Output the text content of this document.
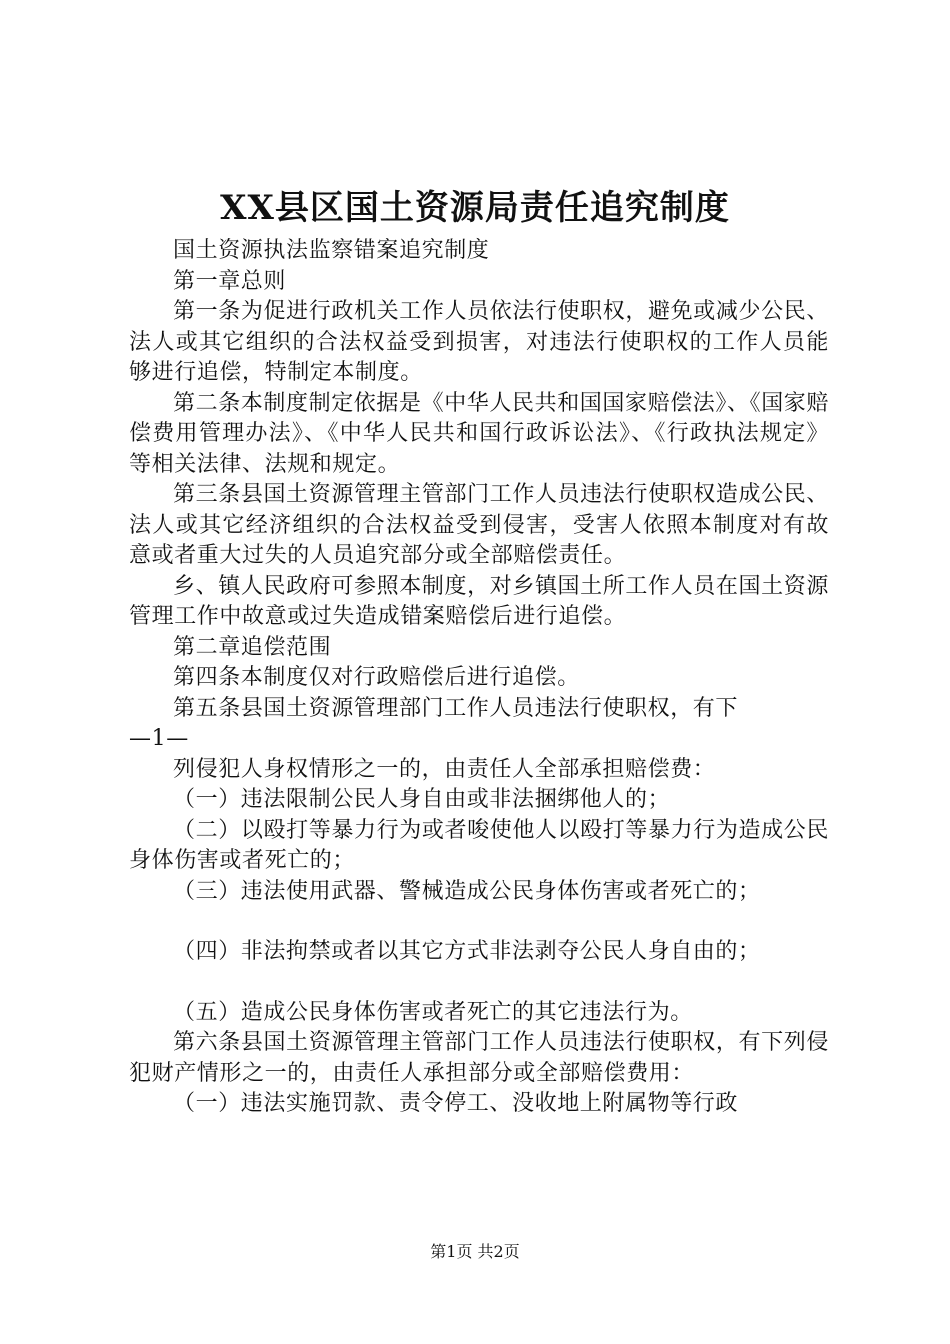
XX县区国土资源局责任追究制度

国土资源执法监察错案追究制度

第一章总则

第一条为促进行政机关工作人员依法行使职权，避免或减少公民、法人或其它组织的合法权益受到损害，对违法行使职权的工作人员能够进行追偿，特制定本制度。

第二条本制度制定依据是《中华人民共和国国家赔偿法》、《国家赔偿费用管理办法》、《中华人民共和国行政诉讼法》、《行政执法规定》等相关法律、法规和规定。

第三条县国土资源管理主管部门工作人员违法行使职权造成公民、法人或其它经济组织的合法权益受到侵害，受害人依照本制度对有故意或者重大过失的人员追究部分或全部赔偿责任。

乡、镇人民政府可参照本制度，对乡镇国土所工作人员在国土资源管理工作中故意或过失造成错案赔偿后进行追偿。

第二章追偿范围

第四条本制度仅对行政赔偿后进行追偿。

第五条县国土资源管理部门工作人员违法行使职权，有下

—1—

列侵犯人身权情形之一的，由责任人全部承担赔偿费：

（一）违法限制公民人身自由或非法捆绑他人的；

（二）以殴打等暴力行为或者唆使他人以殴打等暴力行为造成公民身体伤害或者死亡的；

（三）违法使用武器、警械造成公民身体伤害或者死亡的；

（四）非法拘禁或者以其它方式非法剥夺公民人身自由的；

（五）造成公民身体伤害或者死亡的其它违法行为。

第六条县国土资源管理主管部门工作人员违法行使职权，有下列侵犯财产情形之一的，由责任人承担部分或全部赔偿费用：

（一）违法实施罚款、责令停工、没收地上附属物等行政

第1页 共2页
